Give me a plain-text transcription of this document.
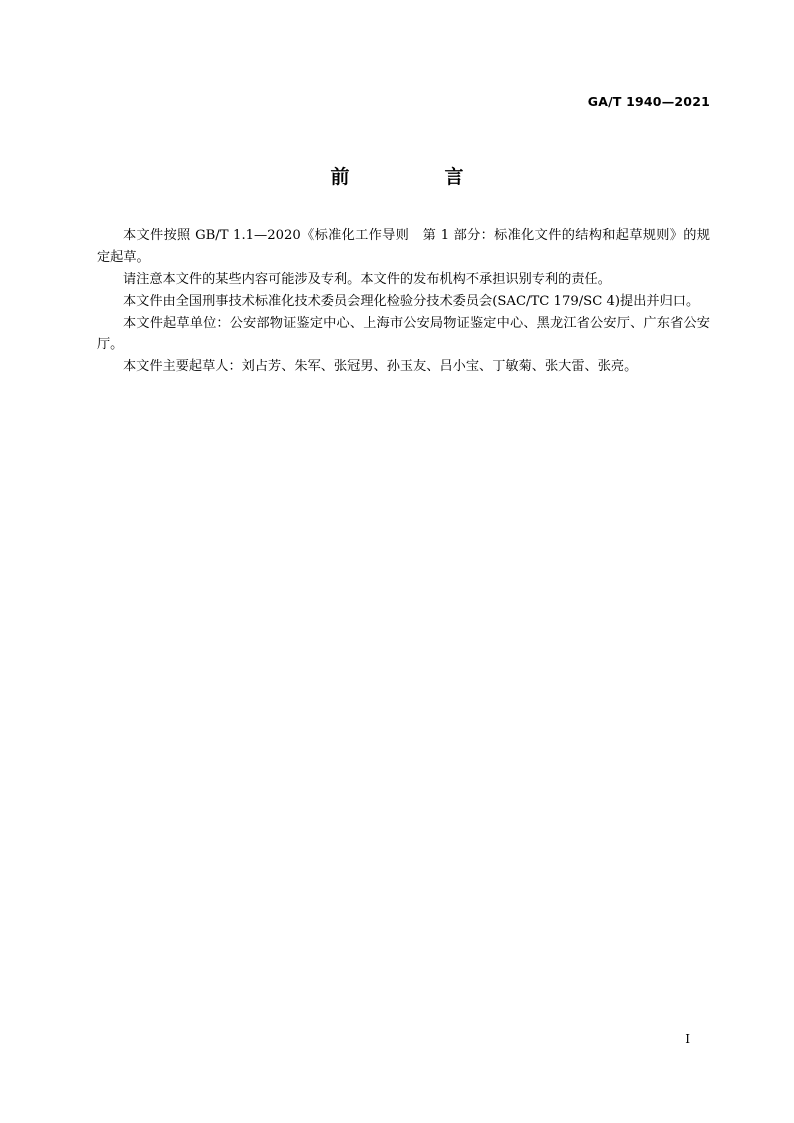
GA/T 1940—2021
前　言

本文件按照 GB/T 1.1—2020《标准化工作导则　第 1 部分：标准化文件的结构和起草规则》的规定起草。

请注意本文件的某些内容可能涉及专利。本文件的发布机构不承担识别专利的责任。

本文件由全国刑事技术标准化技术委员会理化检验分技术委员会(SAC/TC 179/SC 4)提出并归口。

本文件起草单位：公安部物证鉴定中心、上海市公安局物证鉴定中心、黑龙江省公安厅、广东省公安厅。

本文件主要起草人：刘占芳、朱军、张冠男、孙玉友、吕小宝、丁敏菊、张大雷、张亮。

I
